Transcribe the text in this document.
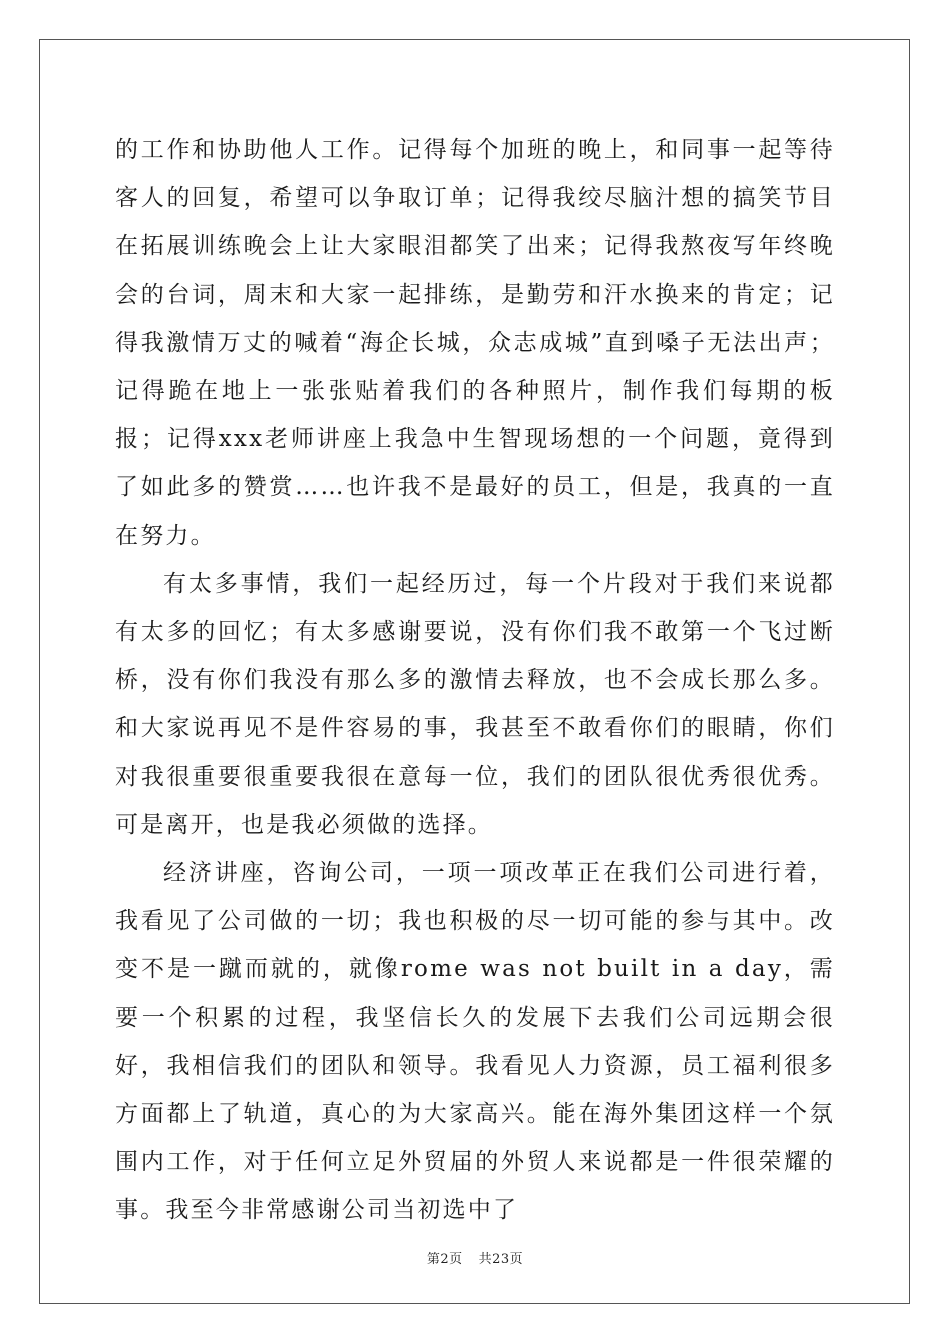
的工作和协助他人工作。记得每个加班的晚上，和同事一起等待客人的回复，希望可以争取订单；记得我绞尽脑汁想的搞笑节目在拓展训练晚会上让大家眼泪都笑了出来；记得我熬夜写年终晚会的台词，周末和大家一起排练，是勤劳和汗水换来的肯定；记得我激情万丈的喊着“海企长城，众志成城”直到嗓子无法出声；记得跪在地上一张张贴着我们的各种照片，制作我们每期的板报；记得xxx老师讲座上我急中生智现场想的一个问题，竟得到了如此多的赞赏……也许我不是最好的员工，但是，我真的一直在努力。

有太多事情，我们一起经历过，每一个片段对于我们来说都有太多的回忆；有太多感谢要说，没有你们我不敢第一个飞过断桥，没有你们我没有那么多的激情去释放，也不会成长那么多。和大家说再见不是件容易的事，我甚至不敢看你们的眼睛，你们对我很重要很重要我很在意每一位，我们的团队很优秀很优秀。可是离开，也是我必须做的选择。

经济讲座，咨询公司，一项一项改革正在我们公司进行着，我看见了公司做的一切；我也积极的尽一切可能的参与其中。改变不是一蹴而就的，就像rome was not built in a day，需要一个积累的过程，我坚信长久的发展下去我们公司远期会很好，我相信我们的团队和领导。我看见人力资源，员工福利很多方面都上了轨道，真心的为大家高兴。能在海外集团这样一个氛围内工作，对于任何立足外贸届的外贸人来说都是一件很荣耀的事。我至今非常感谢公司当初选中了

第2页 共23页
